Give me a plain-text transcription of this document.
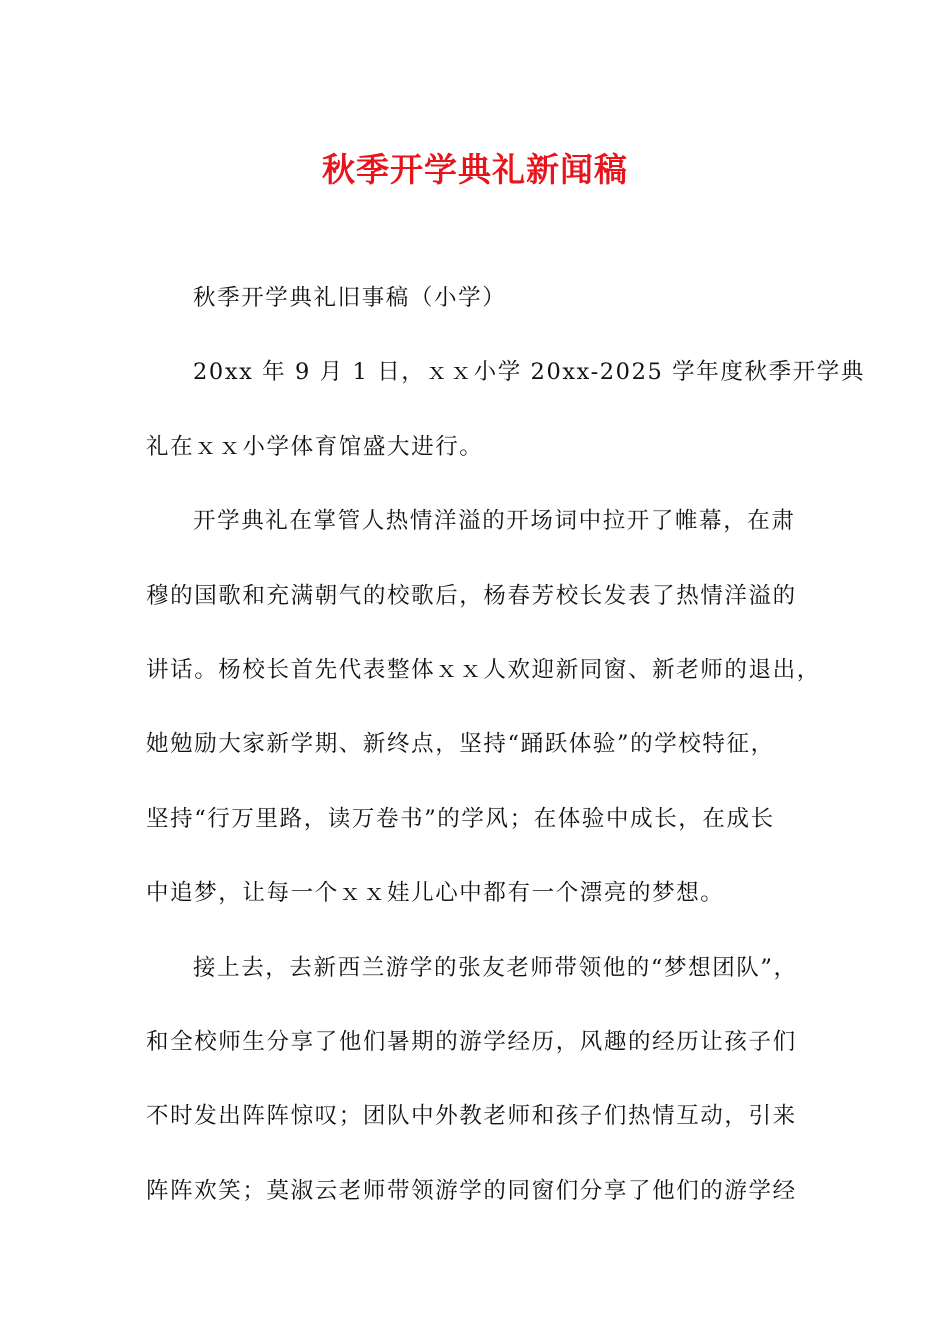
秋季开学典礼新闻稿
秋季开学典礼旧事稿（小学）
20xx 年 9 月 1 日，ｘｘ小学 20xx-2025 学年度秋季开学典
礼在ｘｘ小学体育馆盛大进行。
开学典礼在掌管人热情洋溢的开场词中拉开了帷幕，在肃
穆的国歌和充满朝气的校歌后，杨春芳校长发表了热情洋溢的
讲话。杨校长首先代表整体ｘｘ人欢迎新同窗、新老师的退出，
她勉励大家新学期、新终点，坚持“踊跃体验”的学校特征，
坚持“行万里路，读万卷书”的学风；在体验中成长，在成长
中追梦，让每一个ｘｘ娃儿心中都有一个漂亮的梦想。
接上去，去新西兰游学的张友老师带领他的“梦想团队”，
和全校师生分享了他们暑期的游学经历，风趣的经历让孩子们
不时发出阵阵惊叹；团队中外教老师和孩子们热情互动，引来
阵阵欢笑；莫淑云老师带领游学的同窗们分享了他们的游学经
